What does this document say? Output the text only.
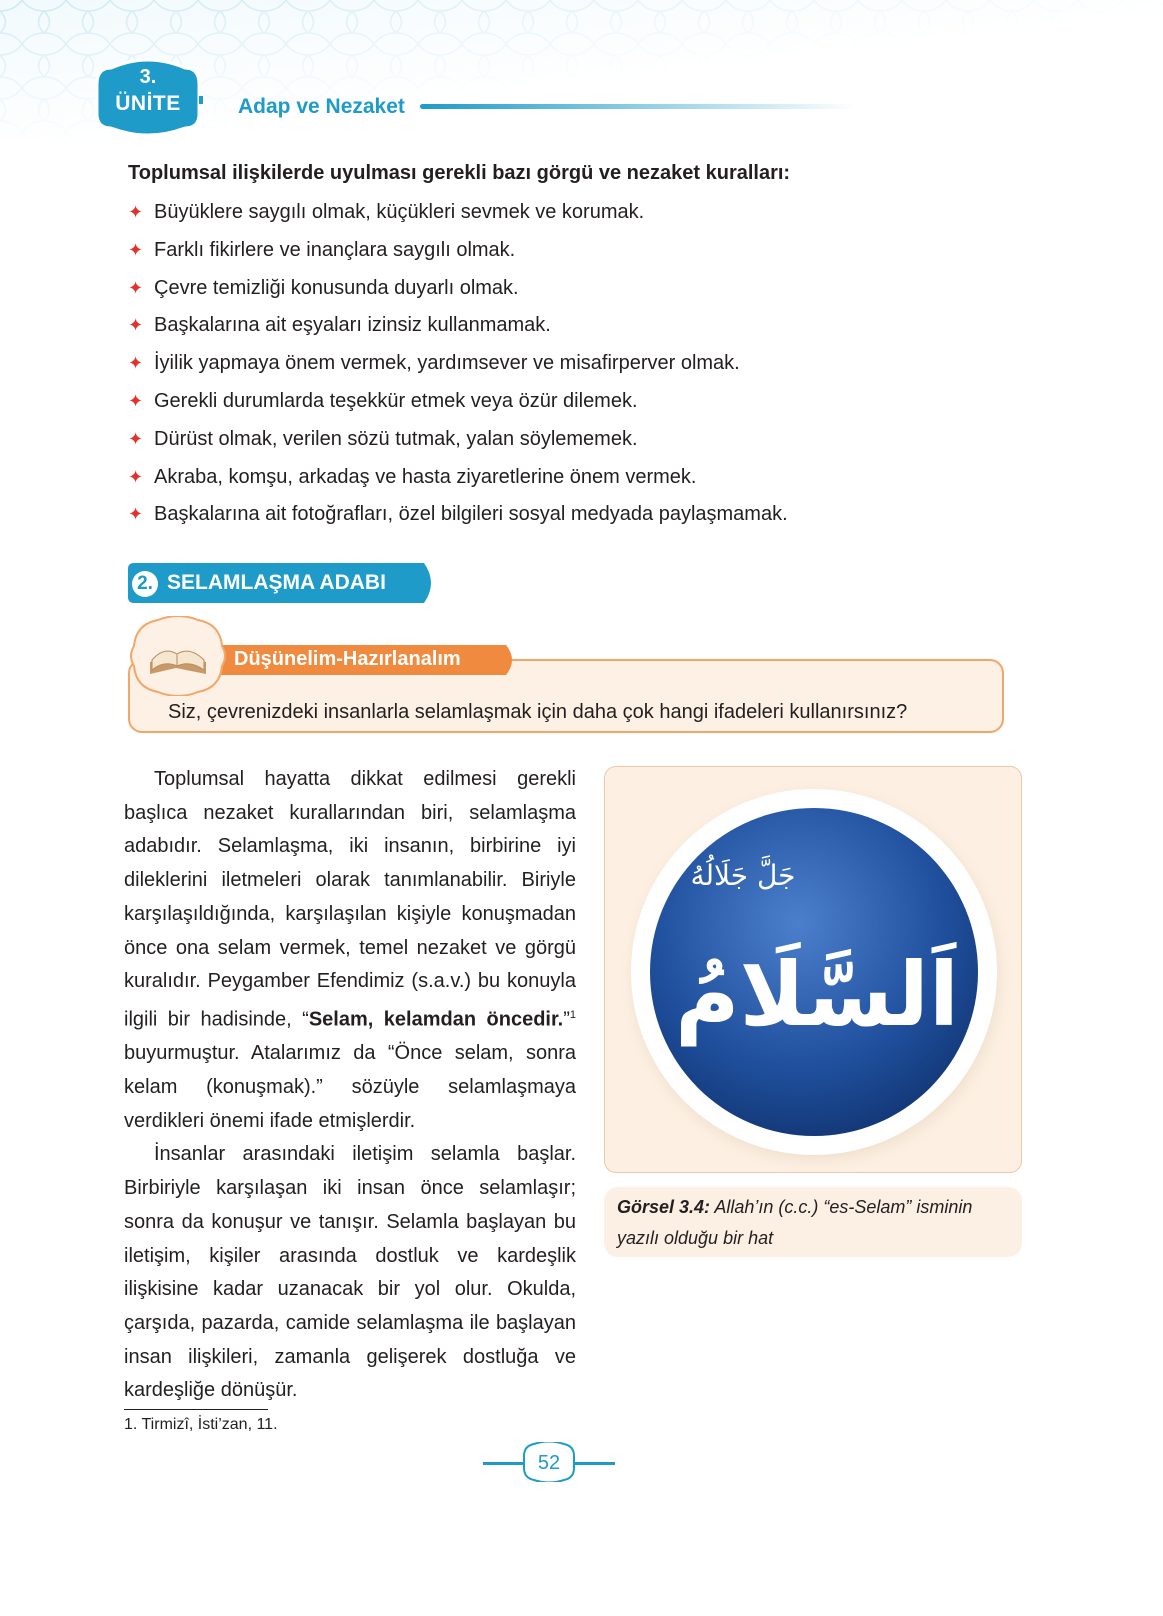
3.
ÜNİTE	Adap ve Nezaket
Toplumsal ilişkilerde uyulması gerekli bazı görgü ve nezaket kuralları:
✦ Büyüklere saygılı olmak, küçükleri sevmek ve korumak.
✦ Farklı fikirlere ve inançlara saygılı olmak.
✦ Çevre temizliği konusunda duyarlı olmak.
✦ Başkalarına ait eşyaları izinsiz kullanmamak.
✦ İyilik yapmaya önem vermek, yardımsever ve misafirperver olmak.
✦ Gerekli durumlarda teşekkür etmek veya özür dilemek.
✦ Dürüst olmak, verilen sözü tutmak, yalan söylememek.
✦ Akraba, komşu, arkadaş ve hasta ziyaretlerine önem vermek.
✦ Başkalarına ait fotoğrafları, özel bilgileri sosyal medyada paylaşmamak.
2. SELAMLAŞMA ADABI
Düşünelim-Hazırlanalım
Siz, çevrenizdeki insanlarla selamlaşmak için daha çok hangi ifadeleri kullanırsınız?

Toplumsal hayatta dikkat edilmesi gerekli başlıca nezaket kurallarından biri, selamlaşma adabıdır. Selamlaşma, iki insanın, birbirine iyi dileklerini iletmeleri olarak tanımlanabilir. Biriyle karşılaşıldığında, karşılaşılan kişiyle konuşmadan önce ona selam vermek, temel nezaket ve görgü kuralıdır. Peygamber Efendimiz (s.a.v.) bu konuyla ilgili bir hadisinde, “Selam, kelamdan öncedir.”$^1$ buyurmuştur. Atalarımız da “Önce selam, sonra kelam (konuşmak).” sözüyle selamlaşmaya verdikleri önemi ifade etmişlerdir.

İnsanlar arasındaki iletişim selamla başlar. Birbiriyle karşılaşan iki insan önce selamlaşır; sonra da konuşur ve tanışır. Selamla başlayan bu iletişim, kişiler arasında dostluk ve kardeşlik ilişkisine kadar uzanacak bir yol olur. Okulda, çarşıda, pazarda, camide selamlaşma ile başlayan insan ilişkileri, zamanla gelişerek dostluğa ve kardeşliğe dönüşür.

جَلَّ جَلَالُهُ
اَلسَّلَامُ
Görsel 3.4: Allah’ın (c.c.) “es-Selam” isminin yazılı olduğu bir hat
1. Tirmizî, İsti’zan, 11.
52
